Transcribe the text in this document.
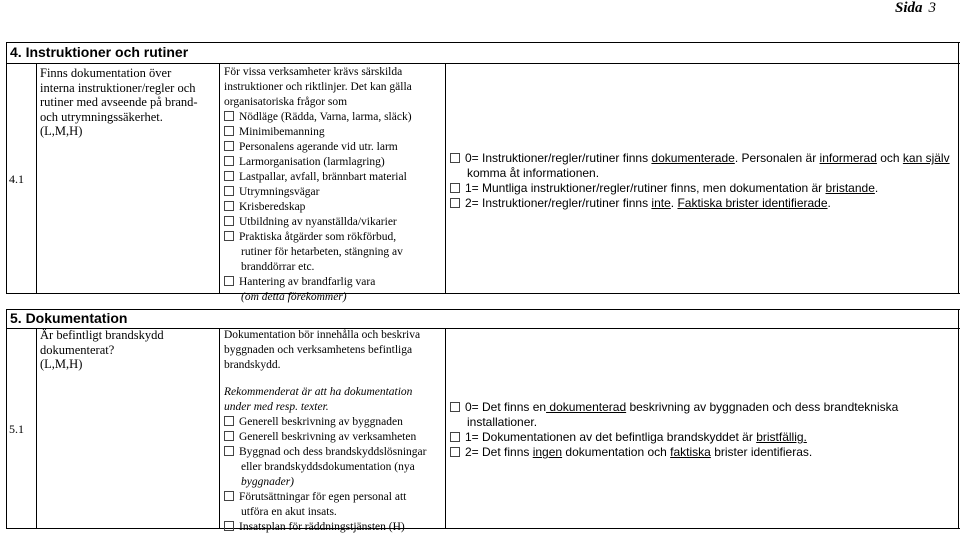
Sida 3
4. Instruktioner och rutiner
4.1
Finns dokumentation över
interna instruktioner/regler och
rutiner med avseende på brand-
och utrymningssäkerhet.
(L,M,H)
För vissa verksamheter krävs särskilda
instruktioner och riktlinjer. Det kan gälla
organisatoriska frågor som
Nödläge (Rädda, Varna, larma, släck)
Minimibemanning
Personalens agerande vid utr. larm
Larmorganisation (larmlagring)
Lastpallar, avfall, brännbart material
Utrymningsvägar
Krisberedskap
Utbildning av nyanställda/vikarier
Praktiska åtgärder som rökförbud,
rutiner för hetarbeten, stängning av
branddörrar etc.
Hantering av brandfarlig vara
(om detta förekommer)
0= Instruktioner/regler/rutiner finns dokumenterade. Personalen är informerad och kan själv
komma åt informationen.
1= Muntliga instruktioner/regler/rutiner finns, men dokumentation är bristande.
2= Instruktioner/regler/rutiner finns inte. Faktiska brister identifierade.
5. Dokumentation
5.1
Är befintligt brandskydd
dokumenterat?
(L,M,H)
Dokumentation bör innehålla och beskriva
byggnaden och verksamhetens befintliga
brandskydd.
Rekommenderat är att ha dokumentation
under med resp. texter.
Generell beskrivning av byggnaden
Generell beskrivning av verksamheten
Byggnad och dess brandskyddslösningar
eller brandskyddsdokumentation (nya
byggnader)
Förutsättningar för egen personal att
utföra en akut insats.
Insatsplan för räddningstjänsten (H)
0= Det finns en dokumenterad beskrivning av byggnaden och dess brandtekniska
installationer.
1= Dokumentationen av det befintliga brandskyddet är bristfällig.
2= Det finns ingen dokumentation och faktiska brister identifieras.
